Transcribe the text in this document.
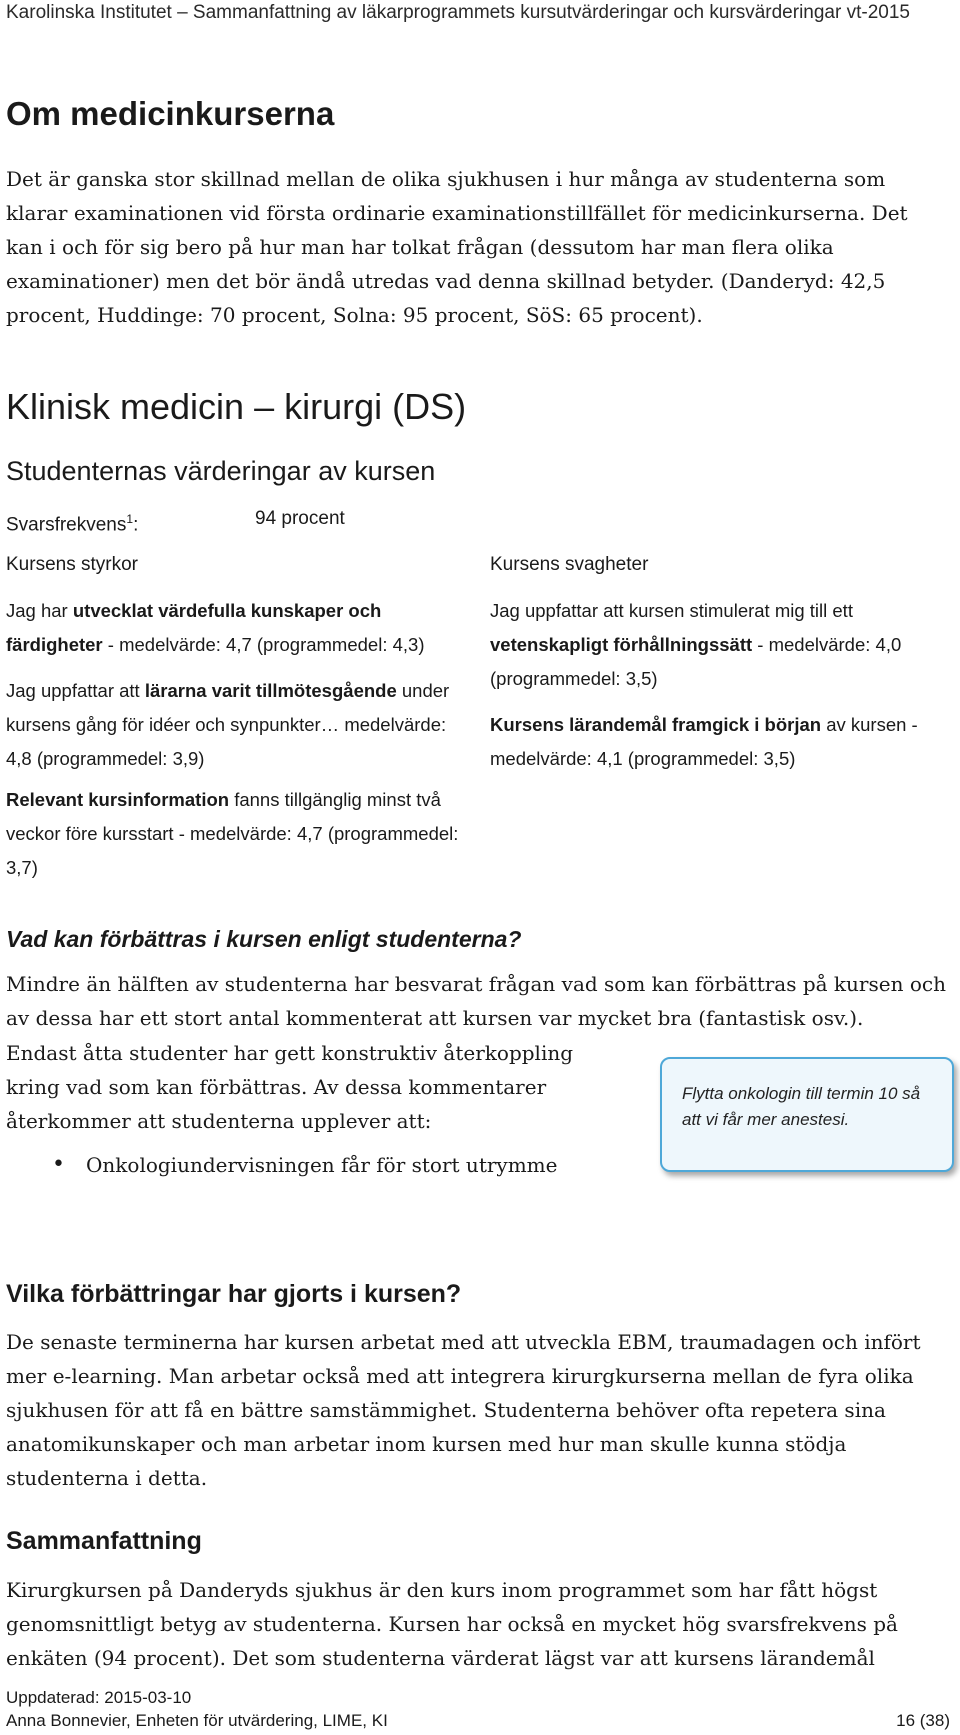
Karolinska Institutet – Sammanfattning av läkarprogrammets kursutvärderingar och kursvärderingar vt-2015
Om medicinkurserna

Det är ganska stor skillnad mellan de olika sjukhusen i hur många av studenterna som klarar examinationen vid första ordinarie examinationstillfället för medicinkurserna. Det kan i och för sig bero på hur man har tolkat frågan (dessutom har man flera olika examinationer) men det bör ändå utredas vad denna skillnad betyder. (Danderyd: 42,5 procent, Huddinge: 70 procent, Solna: 95 procent, SöS: 65 procent).

Klinisk medicin – kirurgi (DS)
Studenternas värderingar av kursen
Svarsfrekvens$^1$:	94 procent
Kursens styrkor	Kursens svagheter

Jag har utvecklat värdefulla kunskaper och färdigheter - medelvärde: 4,7 (programmedel: 4,3)

Jag uppfattar att lärarna varit tillmötesgående under kursens gång för idéer och synpunkter… medelvärde: 4,8 (programmedel: 3,9)

Relevant kursinformation fanns tillgänglig minst två veckor före kursstart - medelvärde: 4,7 (programmedel: 3,7)

Jag uppfattar att kursen stimulerat mig till ett vetenskapligt förhållningssätt - medelvärde: 4,0 (programmedel: 3,5)

Kursens lärandemål framgick i början av kursen - medelvärde: 4,1 (programmedel: 3,5)

Vad kan förbättras i kursen enligt studenterna?

Mindre än hälften av studenterna har besvarat frågan vad som kan förbättras på kursen och av dessa har ett stort antal kommenterat att kursen var mycket bra (fantastisk osv.).

Endast åtta studenter har gett konstruktiv återkoppling kring vad som kan förbättras. Av dessa kommentarer återkommer att studenterna upplever att:

Flytta onkologin till termin 10 så att vi får mer anestesi.
• Onkologiundervisningen får för stort utrymme
Vilka förbättringar har gjorts i kursen?

De senaste terminerna har kursen arbetat med att utveckla EBM, traumadagen och infört mer e-learning. Man arbetar också med att integrera kirurgkurserna mellan de fyra olika sjukhusen för att få en bättre samstämmighet. Studenterna behöver ofta repetera sina anatomikunskaper och man arbetar inom kursen med hur man skulle kunna stödja studenterna i detta.

Sammanfattning

Kirurgkursen på Danderyds sjukhus är den kurs inom programmet som har fått högst genomsnittligt betyg av studenterna. Kursen har också en mycket hög svarsfrekvens på enkäten (94 procent). Det som studenterna värderat lägst var att kursens lärandemål

Uppdaterad: 2015-03-10
Anna Bonnevier, Enheten för utvärdering, LIME, KI	16 (38)
